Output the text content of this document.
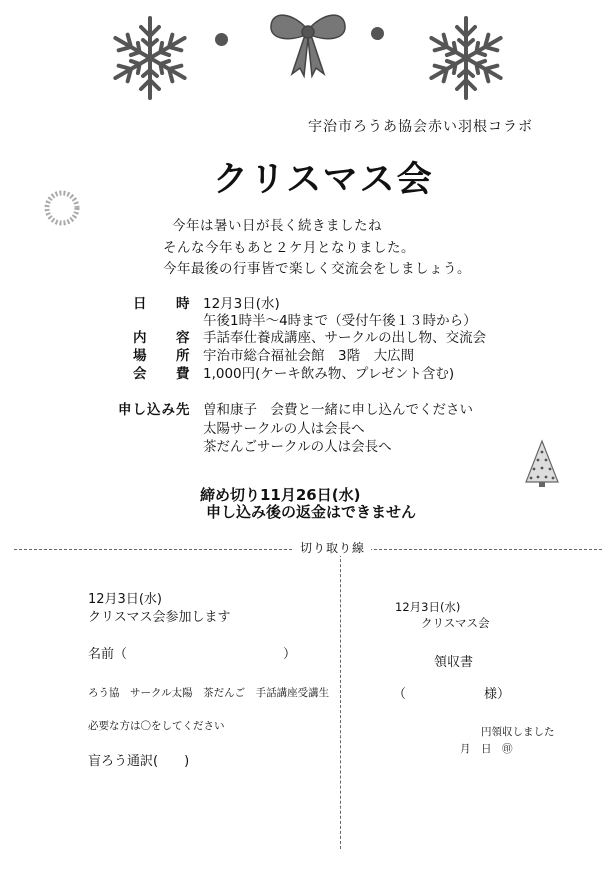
宇治市ろうあ協会赤い羽根コラボ
クリスマス会
今年は暑い日が長く続きましたね
そんな今年もあと２ケ月となりました。
今年最後の行事皆で楽しく交流会をしましょう。
日　時 12月3日(水)
午後1時半～4時まで（受付午後１３時から）
内　容 手話奉仕養成講座、サークルの出し物、交流会
場　所 宇治市総合福祉会館　3階　大広間
会　費 1,000円(ケーキ飲み物、プレゼント含む)
申し込み先 曽和康子　会費と一緒に申し込んでください
太陽サークルの人は会長へ
茶だんごサークルの人は会長へ
締め切り11月26日(水)
申し込み後の返金はできません
切り取り線
12月3日(水)
クリスマス会参加します
名前（　　　　　　　　　　　　）
ろう協　サークル太陽　茶だんご　手話講座受講生
必要な方は〇をしてください
盲ろう通訳(　　)
12月3日(水)
クリスマス会
領収書
（　　　　　　様）
円領収しました
月　日　㊞
